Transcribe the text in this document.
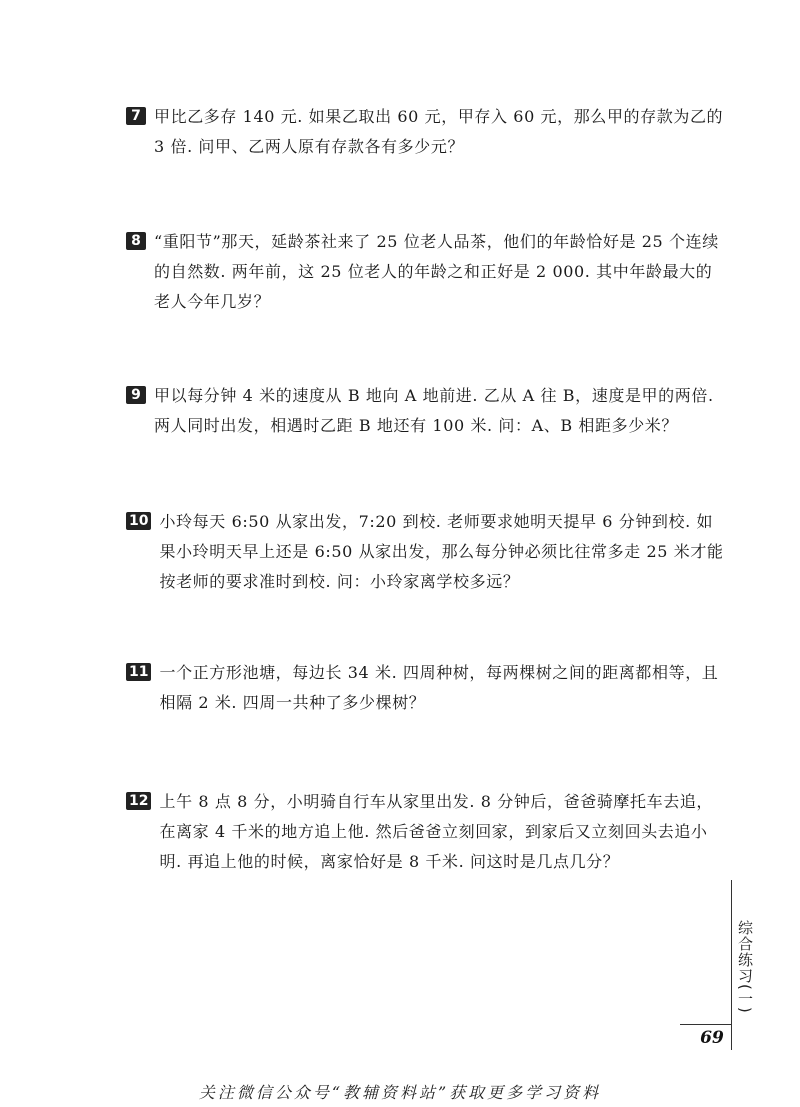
7 甲比乙多存 140 元. 如果乙取出 60 元，甲存入 60 元，那么甲的存款为乙的 3 倍. 问甲、乙两人原有存款各有多少元？
8 “重阳节”那天，延龄茶社来了 25 位老人品茶，他们的年龄恰好是 25 个连续的自然数. 两年前，这 25 位老人的年龄之和正好是 2 000. 其中年龄最大的老人今年几岁？
9 甲以每分钟 4 米的速度从 B 地向 A 地前进. 乙从 A 往 B，速度是甲的两倍. 两人同时出发，相遇时乙距 B 地还有 100 米. 问：A、B 相距多少米？
10 小玲每天 6:50 从家出发，7:20 到校. 老师要求她明天提早 6 分钟到校. 如果小玲明天早上还是 6:50 从家出发，那么每分钟必须比往常多走 25 米才能按老师的要求准时到校. 问：小玲家离学校多远？
11 一个正方形池塘，每边长 34 米. 四周种树，每两棵树之间的距离都相等，且相隔 2 米. 四周一共种了多少棵树？
12 上午 8 点 8 分，小明骑自行车从家里出发. 8 分钟后，爸爸骑摩托车去追，在离家 4 千米的地方追上他. 然后爸爸立刻回家，到家后又立刻回头去追小明. 再追上他的时候，离家恰好是 8 千米. 问这时是几点几分？
综合练习(一)
69
关注微信公众号“教辅资料站”获取更多学习资料
